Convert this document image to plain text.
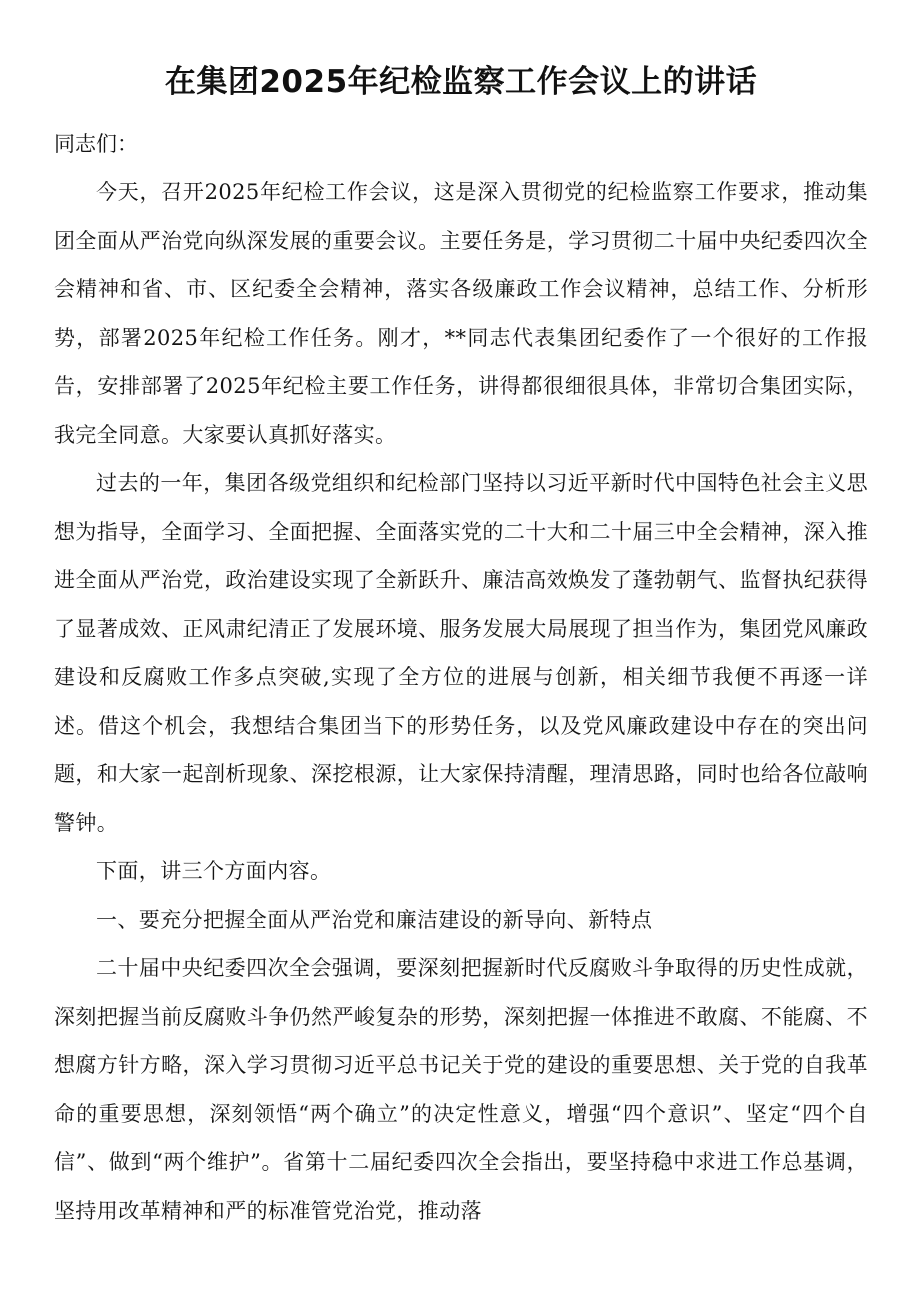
在集团2025年纪检监察工作会议上的讲话

同志们：

今天，召开2025年纪检工作会议，这是深入贯彻党的纪检监察工作要求，推动集团全面从严治党向纵深发展的重要会议。主要任务是，学习贯彻二十届中央纪委四次全会精神和省、市、区纪委全会精神，落实各级廉政工作会议精神，总结工作、分析形势，部署2025年纪检工作任务。刚才，**同志代表集团纪委作了一个很好的工作报告，安排部署了2025年纪检主要工作任务，讲得都很细很具体，非常切合集团实际，我完全同意。大家要认真抓好落实。

过去的一年，集团各级党组织和纪检部门坚持以习近平新时代中国特色社会主义思想为指导，全面学习、全面把握、全面落实党的二十大和二十届三中全会精神，深入推进全面从严治党，政治建设实现了全新跃升、廉洁高效焕发了蓬勃朝气、监督执纪获得了显著成效、正风肃纪清正了发展环境、服务发展大局展现了担当作为，集团党风廉政建设和反腐败工作多点突破,实现了全方位的进展与创新，相关细节我便不再逐一详述。借这个机会，我想结合集团当下的形势任务，以及党风廉政建设中存在的突出问题，和大家一起剖析现象、深挖根源，让大家保持清醒，理清思路，同时也给各位敲响警钟。

下面，讲三个方面内容。

一、要充分把握全面从严治党和廉洁建设的新导向、新特点

二十届中央纪委四次全会强调，要深刻把握新时代反腐败斗争取得的历史性成就，深刻把握当前反腐败斗争仍然严峻复杂的形势，深刻把握一体推进不敢腐、不能腐、不想腐方针方略，深入学习贯彻习近平总书记关于党的建设的重要思想、关于党的自我革命的重要思想，深刻领悟“两个确立”的决定性意义，增强“四个意识”、坚定“四个自信”、做到“两个维护”。省第十二届纪委四次全会指出，要坚持稳中求进工作总基调，坚持用改革精神和严的标准管党治党，推动落
